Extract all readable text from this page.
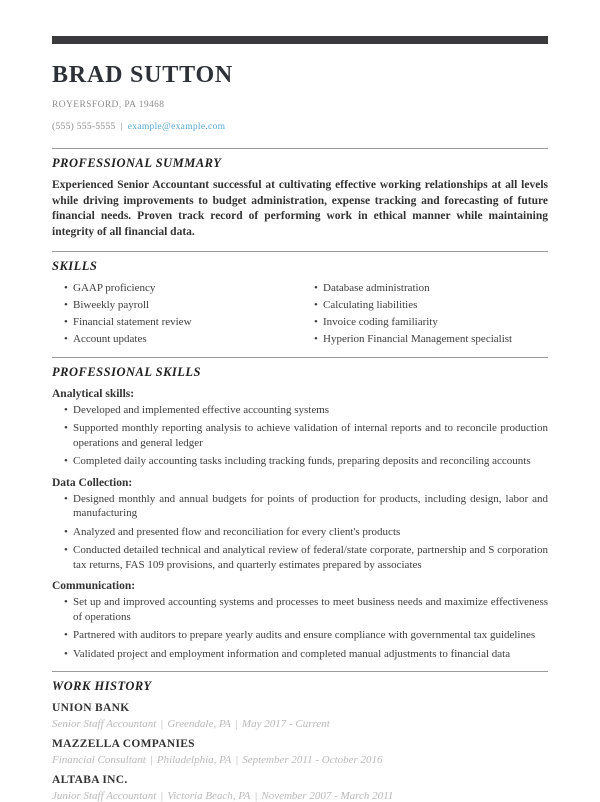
BRAD SUTTON
ROYERSFORD, PA 19468
(555) 555-5555 | example@example.com
PROFESSIONAL SUMMARY
Experienced Senior Accountant successful at cultivating effective working relationships at all levels while driving improvements to budget administration, expense tracking and forecasting of future financial needs. Proven track record of performing work in ethical manner while maintaining integrity of all financial data.
SKILLS
• GAAP proficiency
• Biweekly payroll
• Financial statement review
• Account updates
• Database administration
• Calculating liabilities
• Invoice coding familiarity
• Hyperion Financial Management specialist
PROFESSIONAL SKILLS
Analytical skills:
• Developed and implemented effective accounting systems
• Supported monthly reporting analysis to achieve validation of internal reports and to reconcile production operations and general ledger
• Completed daily accounting tasks including tracking funds, preparing deposits and reconciling accounts
Data Collection:
• Designed monthly and annual budgets for points of production for products, including design, labor and manufacturing
• Analyzed and presented flow and reconciliation for every client's products
• Conducted detailed technical and analytical review of federal/state corporate, partnership and S corporation tax returns, FAS 109 provisions, and quarterly estimates prepared by associates
Communication:
• Set up and improved accounting systems and processes to meet business needs and maximize effectiveness of operations
• Partnered with auditors to prepare yearly audits and ensure compliance with governmental tax guidelines
• Validated project and employment information and completed manual adjustments to financial data
WORK HISTORY
UNION BANK
Senior Staff Accountant | Greendale, PA | May 2017 - Current
MAZZELLA COMPANIES
Financial Consultant | Philadelphia, PA | September 2011 - October 2016
ALTABA INC.
Junior Staff Accountant | Victoria Beach, PA | November 2007 - March 2011
